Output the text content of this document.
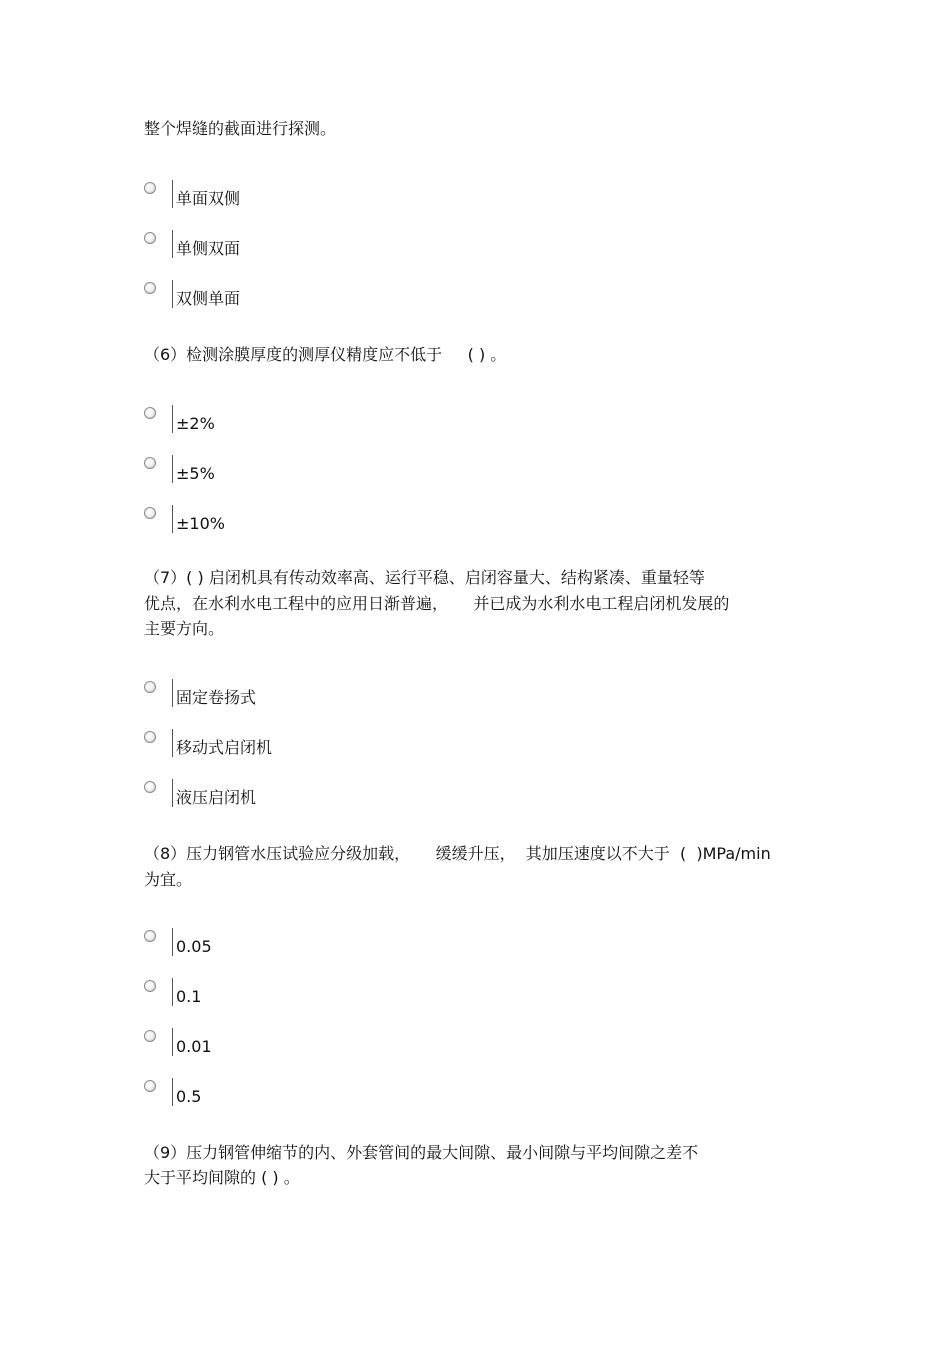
整个焊缝的截面进行探测。
单面双侧
单侧双面
双侧单面
（6）检测涂膜厚度的测厚仪精度应不低于     ( ) 。
±2%
±5%
±10%
（7）( ) 启闭机具有传动效率高、运行平稳、启闭容量大、结构紧凑、重量轻等
优点，在水利水电工程中的应用日渐普遍，     并已成为水利水电工程启闭机发展的
主要方向。
固定卷扬式
移动式启闭机
液压启闭机
（8）压力钢管水压试验应分级加载，     缓缓升压，  其加压速度以不大于  (  )MPa/min
为宜。
0.05
0.1
0.01
0.5
（9）压力钢管伸缩节的内、外套管间的最大间隙、最小间隙与平均间隙之差不
大于平均间隙的 ( ) 。
